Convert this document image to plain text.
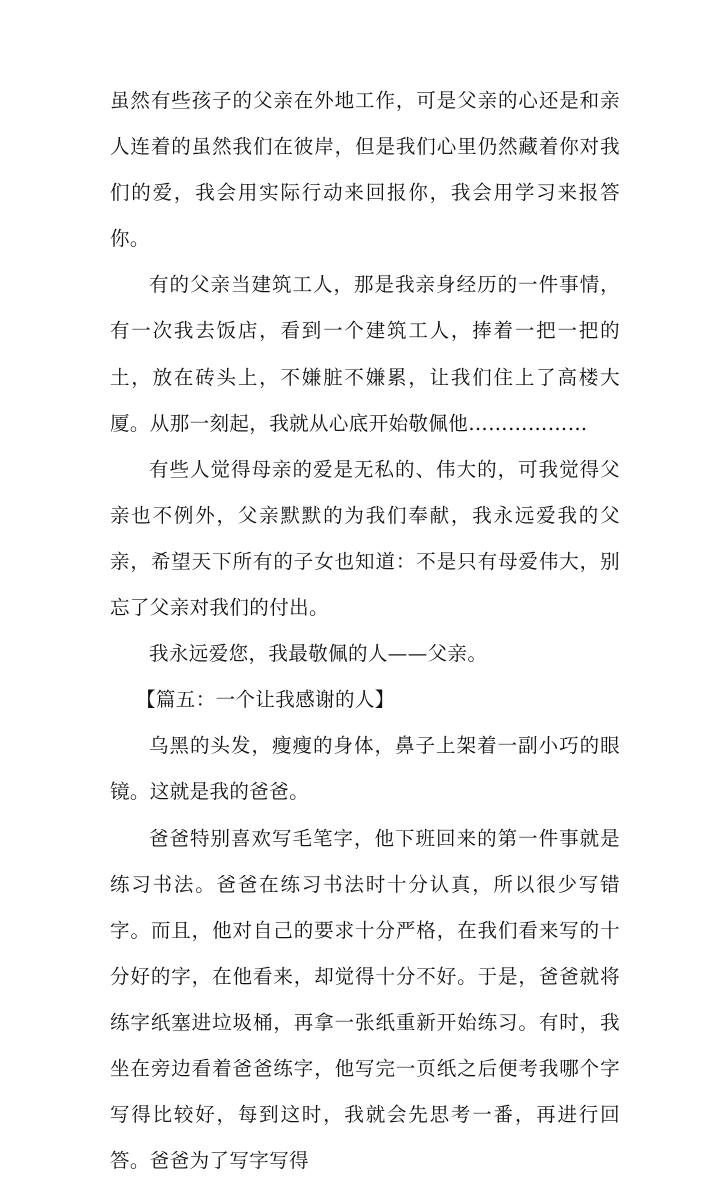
虽然有些孩子的父亲在外地工作，可是父亲的心还是和亲人连着的虽然我们在彼岸，但是我们心里仍然藏着你对我们的爱，我会用实际行动来回报你，我会用学习来报答你。

有的父亲当建筑工人，那是我亲身经历的一件事情，有一次我去饭店，看到一个建筑工人，捧着一把一把的土，放在砖头上，不嫌脏不嫌累，让我们住上了高楼大厦。从那一刻起，我就从心底开始敬佩他………………

有些人觉得母亲的爱是无私的、伟大的，可我觉得父亲也不例外，父亲默默的为我们奉献，我永远爱我的父亲，希望天下所有的子女也知道：不是只有母爱伟大，别忘了父亲对我们的付出。

我永远爱您，我最敬佩的人——父亲。

【篇五：一个让我感谢的人】

乌黑的头发，瘦瘦的身体，鼻子上架着一副小巧的眼镜。这就是我的爸爸。

爸爸特别喜欢写毛笔字，他下班回来的第一件事就是练习书法。爸爸在练习书法时十分认真，所以很少写错字。而且，他对自己的要求十分严格，在我们看来写的十分好的字，在他看来，却觉得十分不好。于是，爸爸就将练字纸塞进垃圾桶，再拿一张纸重新开始练习。有时，我坐在旁边看着爸爸练字，他写完一页纸之后便考我哪个字写得比较好，每到这时，我就会先思考一番，再进行回答。爸爸为了写字写得
